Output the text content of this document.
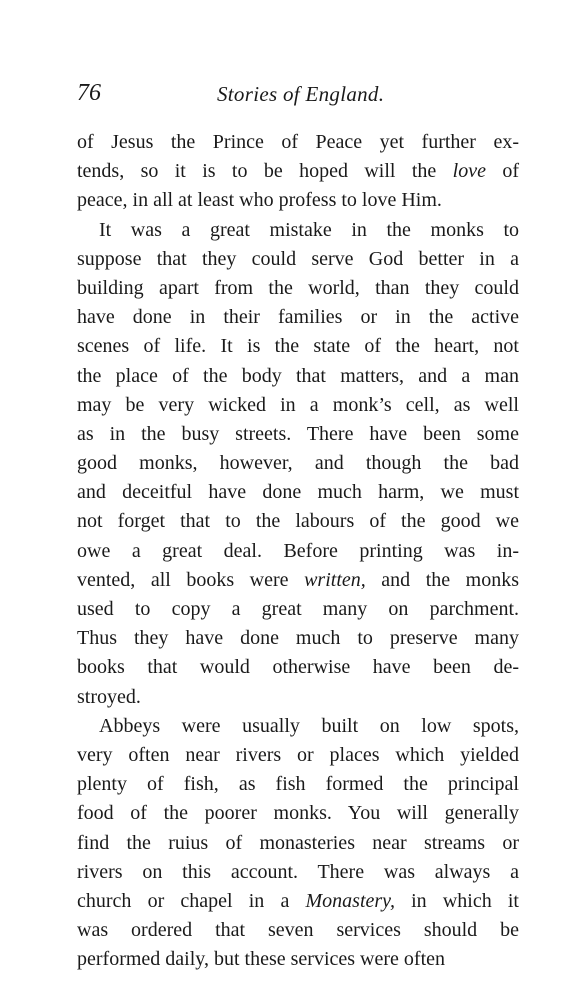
76	Stories of England.
of Jesus the Prince of Peace yet further ex-
tends, so it is to be hoped will the love of
peace, in all at least who profess to love Him.
It was a great mistake in the monks to
suppose that they could serve God better in a
building apart from the world, than they could
have done in their families or in the active
scenes of life. It is the state of the heart, not
the place of the body that matters, and a man
may be very wicked in a monk’s cell, as well
as in the busy streets. There have been some
good monks, however, and though the bad
and deceitful have done much harm, we must
not forget that to the labours of the good we
owe a great deal. Before printing was in-
vented, all books were written, and the monks
used to copy a great many on parchment.
Thus they have done much to preserve many
books that would otherwise have been de-
stroyed.
Abbeys were usually built on low spots,
very often near rivers or places which yielded
plenty of fish, as fish formed the principal
food of the poorer monks. You will generally
find the ruius of monasteries near streams or
rivers on this account. There was always a
church or chapel in a Monastery, in which it
was ordered that seven services should be
performed daily, but these services were often
